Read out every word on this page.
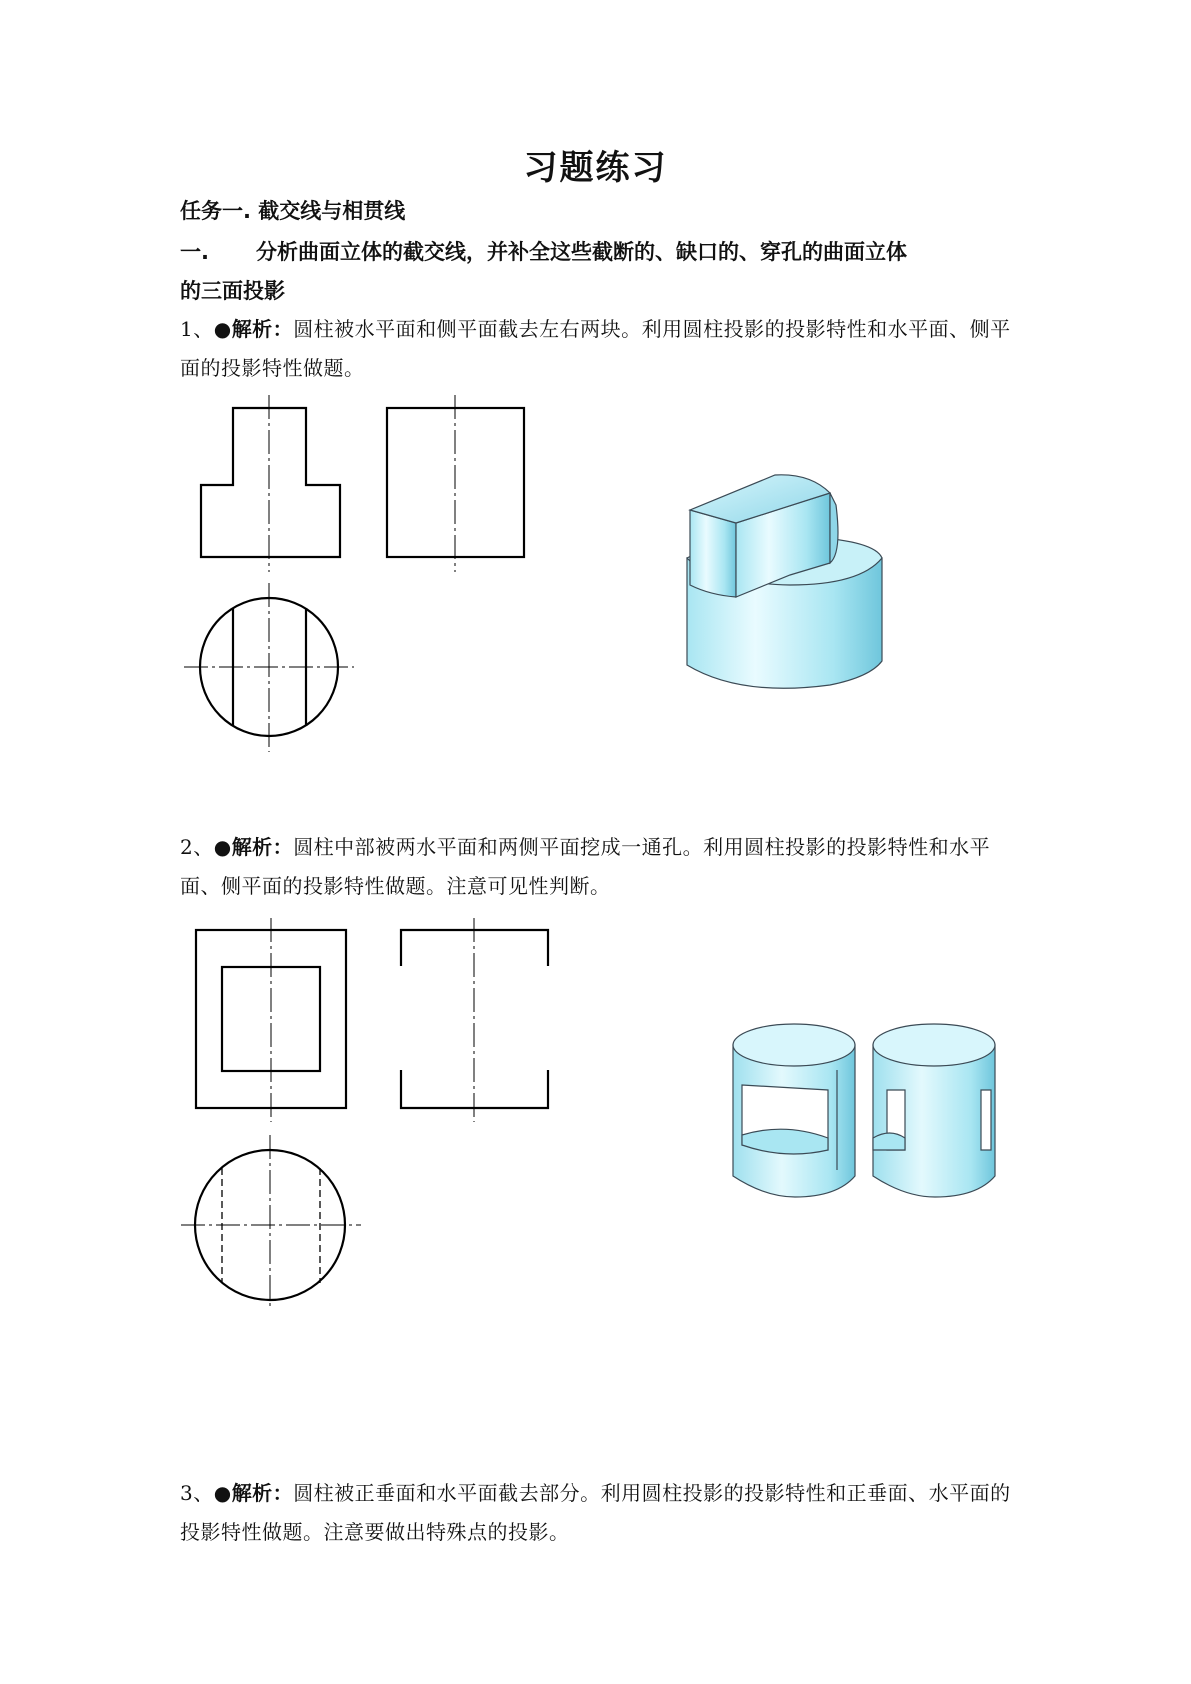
习题练习
任务一. 截交线与相贯线
一. 分析曲面立体的截交线，并补全这些截断的、缺口的、穿孔的曲面立体
的三面投影
1、●解析：圆柱被水平面和侧平面截去左右两块。利用圆柱投影的投影特性和水平面、侧平面的投影特性做题。
2、●解析：圆柱中部被两水平面和两侧平面挖成一通孔。利用圆柱投影的投影特性和水平面、侧平面的投影特性做题。注意可见性判断。
3、●解析：圆柱被正垂面和水平面截去部分。利用圆柱投影的投影特性和正垂面、水平面的投影特性做题。注意要做出特殊点的投影。
